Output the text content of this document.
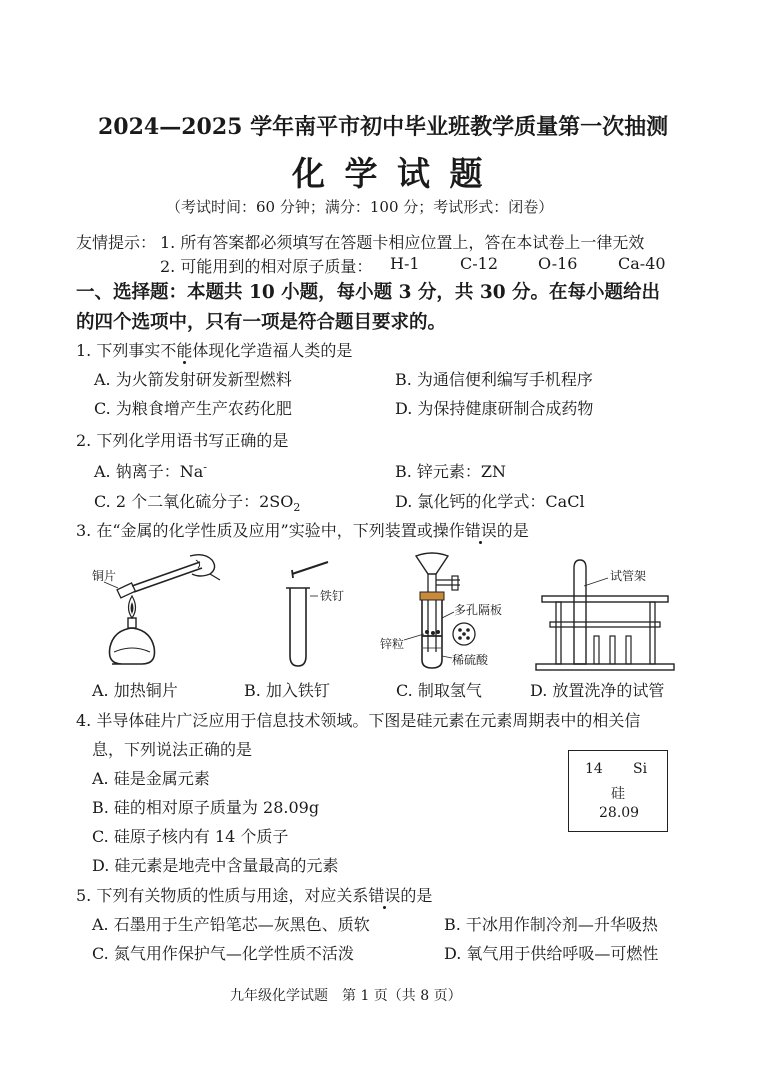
2024—2025 学年南平市初中毕业班教学质量第一次抽测
化 学 试 题
（考试时间：60 分钟；满分：100 分；考试形式：闭卷）
友情提示： 1. 所有答案都必须填写在答题卡相应位置上，答在本试卷上一律无效
2. 可能用到的相对原子质量： H-1	C-12 O-16	Ca-40
一、选择题：本题共 10 小题，每小题 3 分，共 30 分。在每小题给出
的四个选项中，只有一项是符合题目要求的。
1. 下列事实不能体现化学造福人类的是
A. 为火箭发射研发新型燃料	B. 为通信便利编写手机程序
C. 为粮食增产生产农药化肥	D. 为保持健康研制合成药物
2. 下列化学用语书写正确的是
A. 钠离子：Na-	B. 锌元素：ZN
C. 2 个二氧化硫分子：$2SO_2$	D. 氯化钙的化学式：CaCl
3. 在“金属的化学性质及应用”实验中，下列装置或操作错误的是
铜片
铁钉
多孔隔板
锌粒
稀硫酸
试管架
A. 加热铜片	B. 加入铁钉	C. 制取氢气	D. 放置洗净的试管
4. 半导体硅片广泛应用于信息技术领域。下图是硅元素在元素周期表中的相关信
息，下列说法正确的是
A. 硅是金属元素
B. 硅的相对原子质量为 28.09g
C. 硅原子核内有 14 个质子
D. 硅元素是地壳中含量最高的元素
14 Si
硅
28.09
5. 下列有关物质的性质与用途，对应关系错误的是
A. 石墨用于生产铅笔芯—灰黑色、质软	B. 干冰用作制冷剂—升华吸热
C. 氮气用作保护气—化学性质不活泼	D. 氧气用于供给呼吸—可燃性
九年级化学试题　第 1 页（共 8 页）
